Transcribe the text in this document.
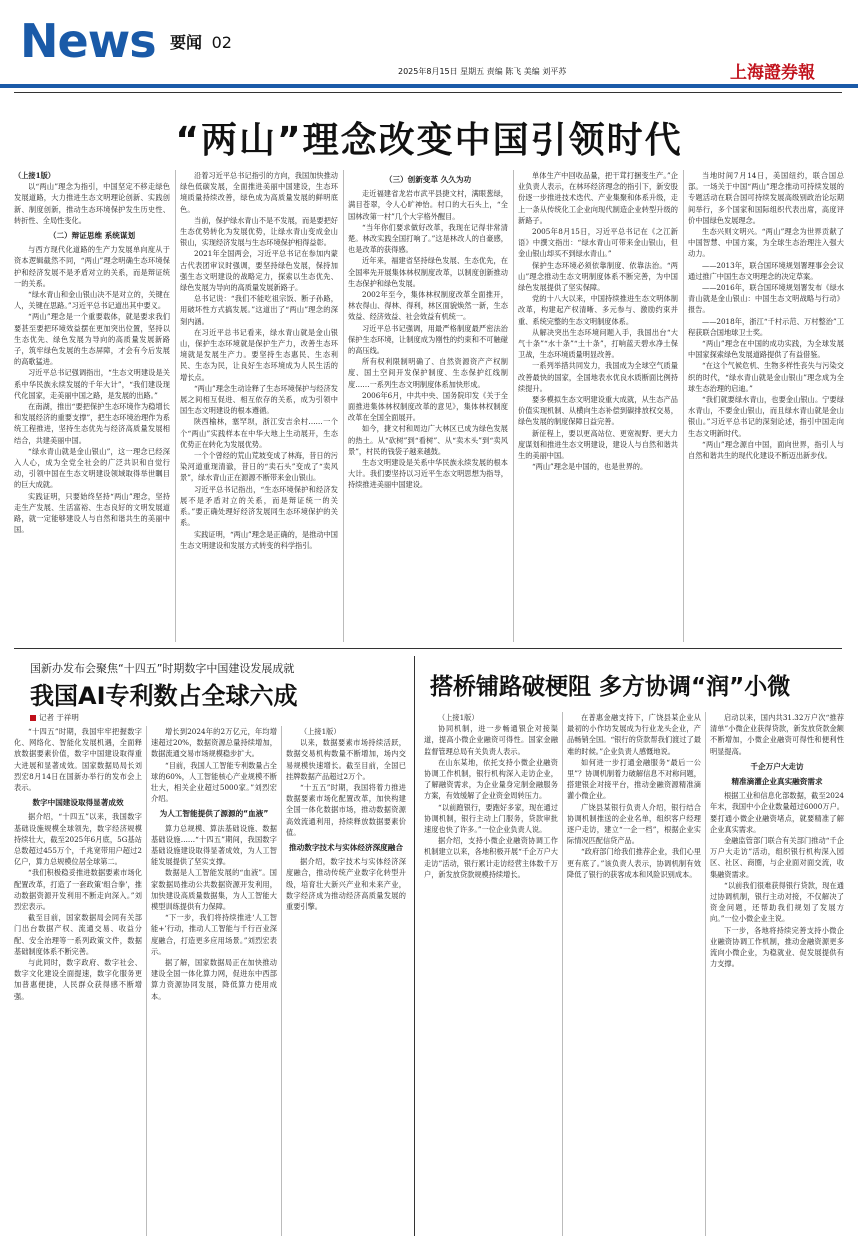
News 要闻 02
2025年8月15日 星期五 责编 陈飞 美编 刘平苏	上海證券報
“两山”理念改变中国引领时代

（上接1版）

以“两山”理念为指引，中国坚定不移走绿色发展道路，大力推进生态文明理论创新、实践创新、制度创新，推动生态环境保护发生历史性、转折性、全局性变化。

（二）辩证思维 系统谋划

与西方现代化道路的生产力发展单向度从于资本逻辑截然不同，“两山”理念明确生态环境保护和经济发展不是矛盾对立的关系，而是辩证统一的关系。

“绿水青山和金山银山决不是对立的，关键在人，关键在思路。”习近平总书记道出其中要义。

“两山”理念是一个重要载体，就是要求我们要甚至要把环境效益摆在更加突出位置，坚持以生态优先、绿色发展为导向的高质量发展新路子，筑牢绿色发展的生态屏障，才会有今后发展的高歌猛进。

习近平总书记强调指出，“生态文明建设是关系中华民族永续发展的千年大计”，“我们建设现代化国家，走美丽中国之路，是发展的出路。”

在南湖，推出“要把保护生态环境作为稳增长和发展经济的重要支撑”，把生态环境治理作为系统工程推进，坚持生态优先与经济高质量发展相结合，共建美丽中国。

“绿水青山就是金山银山”，这一理念已经深入人心，成为全党全社会的广泛共识和自觉行动，引领中国在生态文明建设领域取得举世瞩目的巨大成就。

实践证明，只要始终坚持“两山”理念，坚持走生产发展、生活富裕、生态良好的文明发展道路，就一定能够建设人与自然和谐共生的美丽中国。

沿着习近平总书记指引的方向，我国加快推动绿色低碳发展，全面推进美丽中国建设，生态环境质量持续改善，绿色成为高质量发展的鲜明底色。

当前，保护绿水青山不是不发展，而是要把好生态优势转化为发展优势，让绿水青山变成金山银山，实现经济发展与生态环境保护相得益彰。

2021年全国两会，习近平总书记在参加内蒙古代表团审议时强调，要坚持绿色发展，保持加强生态文明建设的战略定力，探索以生态优先、绿色发展为导向的高质量发展新路子。

总书记说：“我们不能吃祖宗饭、断子孙路，用破坏性方式搞发展。”这道出了“两山”理念的深刻内涵。

在习近平总书记看来，绿水青山就是金山银山，保护生态环境就是保护生产力，改善生态环境就是发展生产力。要坚持生态惠民、生态利民、生态为民，让良好生态环境成为人民生活的增长点。

“两山”理念生动诠释了生态环境保护与经济发展之间相互促进、相互依存的关系，成为引领中国生态文明建设的根本遵循。

陕西榆林，塞罕坝，浙江安吉余村……一个个“两山”实践样本在中华大地上生动展开，生态优势正在转化为发展优势。

一个个曾经的荒山荒坡变成了林海，昔日的污染河道重现清澈，昔日的“卖石头”变成了“卖风景”，绿水青山正在源源不断带来金山银山。

习近平总书记指出，“生态环境保护和经济发展不是矛盾对立的关系，而是辩证统一的关系。”要正确处理好经济发展同生态环境保护的关系。

实践证明，“两山”理念是正确的，是推动中国生态文明建设和发展方式转变的科学指引。

（三）创新变革 久久为功

走近福建省龙岩市武平县捷文村，满眼葱绿，满目苍翠，令人心旷神怡。村口的大石头上，“全国林改第一村”几个大字格外醒目。

“当年你们要求做好改革，我现在记得非常清楚。林改实践全国打响了。”这是林改人的自豪感，也是改革的获得感。

近年来，福建省坚持绿色发展、生态优先，在全国率先开展集体林权制度改革，以制度创新推动生态保护和绿色发展。

2002年至今，集体林权制度改革全面推开，林农得山、得林、得利，林区面貌焕然一新，生态效益、经济效益、社会效益有机统一。

习近平总书记强调，用最严格制度最严密法治保护生态环境，让制度成为刚性的约束和不可触碰的高压线。

所有权利限制明确了、自然资源资产产权制度、国土空间开发保护制度、生态保护红线制度……一系列生态文明制度体系加快形成。

2006年6月，中共中央、国务院印发《关于全面推进集体林权制度改革的意见》，集体林权制度改革在全国全面展开。

如今，捷文村和周边广大林区已成为绿色发展的热土。从“砍树”到“看树”、从“卖木头”到“卖风景”，村民的钱袋子越来越鼓。

生态文明建设是关系中华民族永续发展的根本大计。我们要坚持以习近平生态文明思想为指导，持续推进美丽中国建设。

单体生产中回收品量，把干茸打捆变生产。”企业负责人表示，在林环经济理念的指引下，新安股份逐一步推进技术迭代、产业集聚和体系升级，走上一条从传统化工企业向现代制造企业转型升级的新路子。

2005年8月15日，习近平总书记在《之江新语》中撰文指出：“绿水青山可带来金山银山，但金山银山却买不到绿水青山。”

保护生态环境必须依靠制度、依靠法治。“两山”理念推动生态文明制度体系不断完善，为中国绿色发展提供了坚实保障。

党的十八大以来，中国持续推进生态文明体制改革，构建起产权清晰、多元参与、激励约束并重、系统完整的生态文明制度体系。

从解决突出生态环境问题入手，我国出台“大气十条”“水十条”“土十条”，打响蓝天碧水净土保卫战，生态环境质量明显改善。

一系列举措共同发力，我国成为全球空气质量改善最快的国家，全国地表水优良水质断面比例持续提升。

要多模拟生态文明建设重大成就，从生态产品价值实现机制、从横向生态补偿到碳排放权交易，绿色发展的制度保障日益完善。

新征程上，要以更高站位、更宽视野、更大力度谋划和推进生态文明建设，建设人与自然和谐共生的美丽中国。

“两山”理念是中国的，也是世界的。

当地时间7月14日，美国纽约，联合国总部。一场关于中国“两山”理念推动可持续发展的专题活动在联合国可持续发展高级别政治论坛期间举行，多个国家和国际组织代表出席，高度评价中国绿色发展理念。

生态兴则文明兴。“两山”理念为世界贡献了中国智慧、中国方案，为全球生态治理注入强大动力。

——2013年，联合国环境规划署理事会会议通过推广中国生态文明理念的决定草案。

——2016年，联合国环境规划署发布《绿水青山就是金山银山：中国生态文明战略与行动》报告。

——2018年，浙江“千村示范、万村整治”工程获联合国地球卫士奖。

“两山”理念在中国的成功实践，为全球发展中国家探索绿色发展道路提供了有益借鉴。

“在这个气候危机、生物多样性丧失与污染交织的时代，“绿水青山就是金山银山”理念成为全球生态治理的启迪。”

“我们就要绿水青山，也要金山银山。宁要绿水青山，不要金山银山，而且绿水青山就是金山银山。”习近平总书记的深刻论述，指引中国走向生态文明新时代。

“两山”理念源自中国，面向世界，指引人与自然和谐共生的现代化建设不断迈出新步伐。

国新办发布会聚焦“十四五”时期数字中国建设发展成就
我国AI专利数占全球六成
记者 于祥明

“十四五”时期，我国牢牢把握数字化、网络化、智能化发展机遇，全面释放数据要素价值，数字中国建设取得重大进展和显著成效。国家数据局局长刘烈宏8月14日在国新办举行的发布会上表示。

数字中国建设取得显著成效

据介绍，“十四五”以来，我国数字基础设施规模全球领先，数字经济规模持续壮大，截至2025年6月底，5G基站总数超过455万个，千兆宽带用户超过2亿户，算力总规模位居全球第二。

“我们积极稳妥推进数据要素市场化配置改革，打造了一套政策‘组合拳’，推动数据资源开发利用不断走向深入。”刘烈宏表示。

截至目前，国家数据局会同有关部门出台数据产权、流通交易、收益分配、安全治理等一系列政策文件，数据基础制度体系不断完善。

与此同时，数字政府、数字社会、数字文化建设全面提速，数字化服务更加普惠便捷，人民群众获得感不断增强。

增长到2024年的2万亿元，年均增速超过20%，数据资源总量持续增加，数据流通交易市场规模稳步扩大。

“目前，我国人工智能专利数量占全球的60%，人工智能核心产业规模不断壮大，相关企业超过5000家。”刘烈宏介绍。

为人工智能提供了源源的“血液”

算力总规模、算法基础设施、数据基础设施……“十四五”期间，我国数字基础设施建设取得显著成效，为人工智能发展提供了坚实支撑。

数据是人工智能发展的“血液”。国家数据局推动公共数据资源开发利用，加快建设高质量数据集，为人工智能大模型训练提供有力保障。

“下一步，我们将持续推进‘人工智能+’行动，推动人工智能与千行百业深度融合，打造更多应用场景。”刘烈宏表示。

据了解，国家数据局正在加快推动建设全国一体化算力网，促进东中西部算力资源协同发展，降低算力使用成本。

（上接1版）

以来，数据要素市场持续活跃，数据交易机构数量不断增加，场内交易规模快速增长。截至目前，全国已挂牌数据产品超过2万个。

“十五五”时期，我国将着力推进数据要素市场化配置改革，加快构建全国一体化数据市场，推动数据资源高效流通利用，持续释放数据要素价值。

推动数字技术与实体经济深度融合

据介绍，数字技术与实体经济深度融合，推动传统产业数字化转型升级，培育壮大新兴产业和未来产业，数字经济成为推动经济高质量发展的重要引擎。

搭桥铺路破梗阻 多方协调“润”小微

（上接1版）

协同机制，进一步畅通银企对接渠道，提高小微企业融资可得性。国家金融监督管理总局有关负责人表示。

在山东某地，依托支持小微企业融资协调工作机制，银行机构深入走访企业，了解融资需求，为企业量身定制金融服务方案，有效缓解了企业资金周转压力。

“以前跑银行，要跑好多家，现在通过协调机制，银行主动上门服务，贷款审批速度也快了许多。”一位企业负责人说。

据介绍，支持小微企业融资协调工作机制建立以来，各地积极开展“千企万户大走访”活动，银行累计走访经营主体数千万户，新发放贷款规模持续增长。

在普惠金融支持下，广饶县某企业从最初的小作坊发展成为行业龙头企业，产品畅销全国。“银行的贷款帮我们渡过了最难的时候。”企业负责人感慨地说。

如何进一步打通金融服务“最后一公里”？协调机制着力破解信息不对称问题，搭建银企对接平台，推动金融资源精准滴灌小微企业。

广饶县某银行负责人介绍，银行结合协调机制推送的企业名单，组织客户经理逐户走访，建立“一企一档”，根据企业实际情况匹配信贷产品。

“政府部门给我们推荐企业，我们心里更有底了。”该负责人表示，协调机制有效降低了银行的获客成本和风险识别成本。

启动以来，国内共31.32万户次“推荐清单”小微企业获得贷款，新发放贷款金额不断增加，小微企业融资可得性和便利性明显提高。

千企万户大走访

精准滴灌企业真实融资需求

根据工业和信息化部数据，截至2024年末，我国中小企业数量超过6000万户。要打通小微企业融资堵点，就要精准了解企业真实需求。

金融监管部门联合有关部门推动“千企万户大走访”活动，组织银行机构深入园区、社区、商圈，与企业面对面交流，收集融资需求。

“以前我们很难获得银行贷款，现在通过协调机制，银行主动对接，不仅解决了资金问题，还帮助我们规划了发展方向。”一位小微企业主说。

下一步，各地将持续完善支持小微企业融资协调工作机制，推动金融资源更多流向小微企业，为稳就业、促发展提供有力支撑。
